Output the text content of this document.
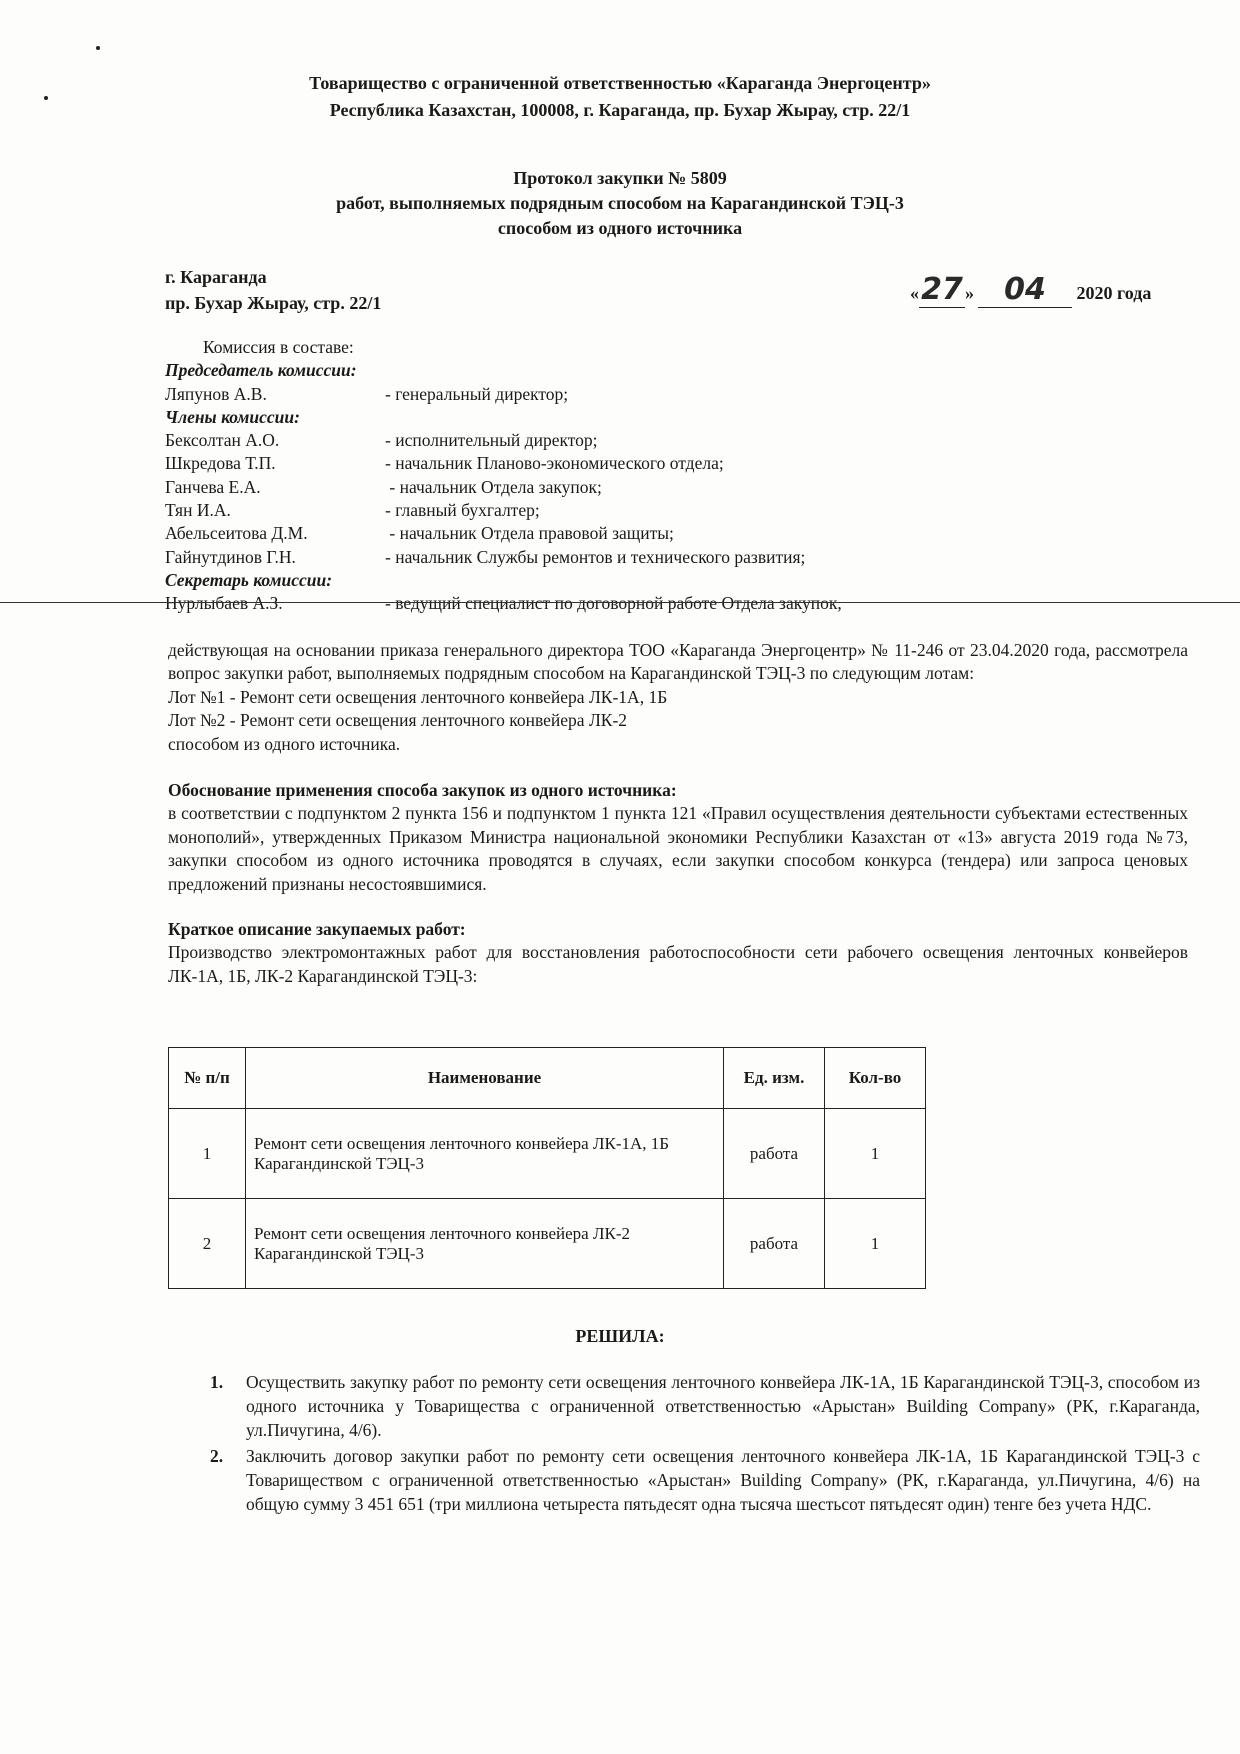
Товарищество с ограниченной ответственностью «Караганда Энергоцентр»
Республика Казахстан, 100008, г. Караганда, пр. Бухар Жырау, стр. 22/1
Протокол закупки № 5809
работ, выполняемых подрядным способом на Карагандинской ТЭЦ-3
способом из одного источника
г. Караганда
пр. Бухар Жырау, стр. 22/1	«27 » 04 2020 года
Комиссия в составе:
Председатель комиссии:
Ляпунов А.В.	- генеральный директор;
Члены комиссии:
Бексолтан А.О.	- исполнительный директор;
Шкредова Т.П.	- начальник Планово-экономического отдела;
Ганчева Е.А.	- начальник Отдела закупок;
Тян И.А.	- главный бухгалтер;
Абельсеитова Д.М.	- начальник Отдела правовой защиты;
Гайнутдинов Г.Н.	- начальник Службы ремонтов и технического развития;
Секретарь комиссии:
Нурлыбаев А.З.	- ведущий специалист по договорной работе Отдела закупок,

действующая на основании приказа генерального директора ТОО «Караганда Энергоцентр» № 11-246 от 23.04.2020 года, рассмотрела вопрос закупки работ, выполняемых подрядным способом на Карагандинской ТЭЦ-3 по следующим лотам:

Лот №1 - Ремонт сети освещения ленточного конвейера ЛК-1А, 1Б

Лот №2 - Ремонт сети освещения ленточного конвейера ЛК-2

способом из одного источника.

Обоснование применения способа закупок из одного источника:

в соответствии с подпунктом 2 пункта 156 и подпунктом 1 пункта 121 «Правил осуществления деятельности субъектами естественных монополий», утвержденных Приказом Министра национальной экономики Республики Казахстан от «13» августа 2019 года №73, закупки способом из одного источника проводятся в случаях, если закупки способом конкурса (тендера) или запроса ценовых предложений признаны несостоявшимися.

Краткое описание закупаемых работ:

Производство электромонтажных работ для восстановления работоспособности сети рабочего освещения ленточных конвейеров ЛК-1А, 1Б, ЛК-2 Карагандинской ТЭЦ-3:

№ п/п	Наименование	Ед. изм.	Кол-во
1	Ремонт сети освещения ленточного конвейера ЛК-1А, 1Б Карагандинской ТЭЦ-3	работа	1
2	Ремонт сети освещения ленточного конвейера ЛК-2 Карагандинской ТЭЦ-3	работа	1
РЕШИЛА:
1. Осуществить закупку работ по ремонту сети освещения ленточного конвейера ЛК-1А, 1Б Карагандинской ТЭЦ-3, способом из одного источника у Товарищества с ограниченной ответственностью «Арыстан» Building Company» (РК, г.Караганда, ул.Пичугина, 4/6).
2. Заключить договор закупки работ по ремонту сети освещения ленточного конвейера ЛК-1А, 1Б Карагандинской ТЭЦ-3 с Товариществом с ограниченной ответственностью «Арыстан» Building Company» (РК, г.Караганда, ул.Пичугина, 4/6) на общую сумму 3 451 651 (три миллиона четыреста пятьдесят одна тысяча шестьсот пятьдесят один) тенге без учета НДС.
